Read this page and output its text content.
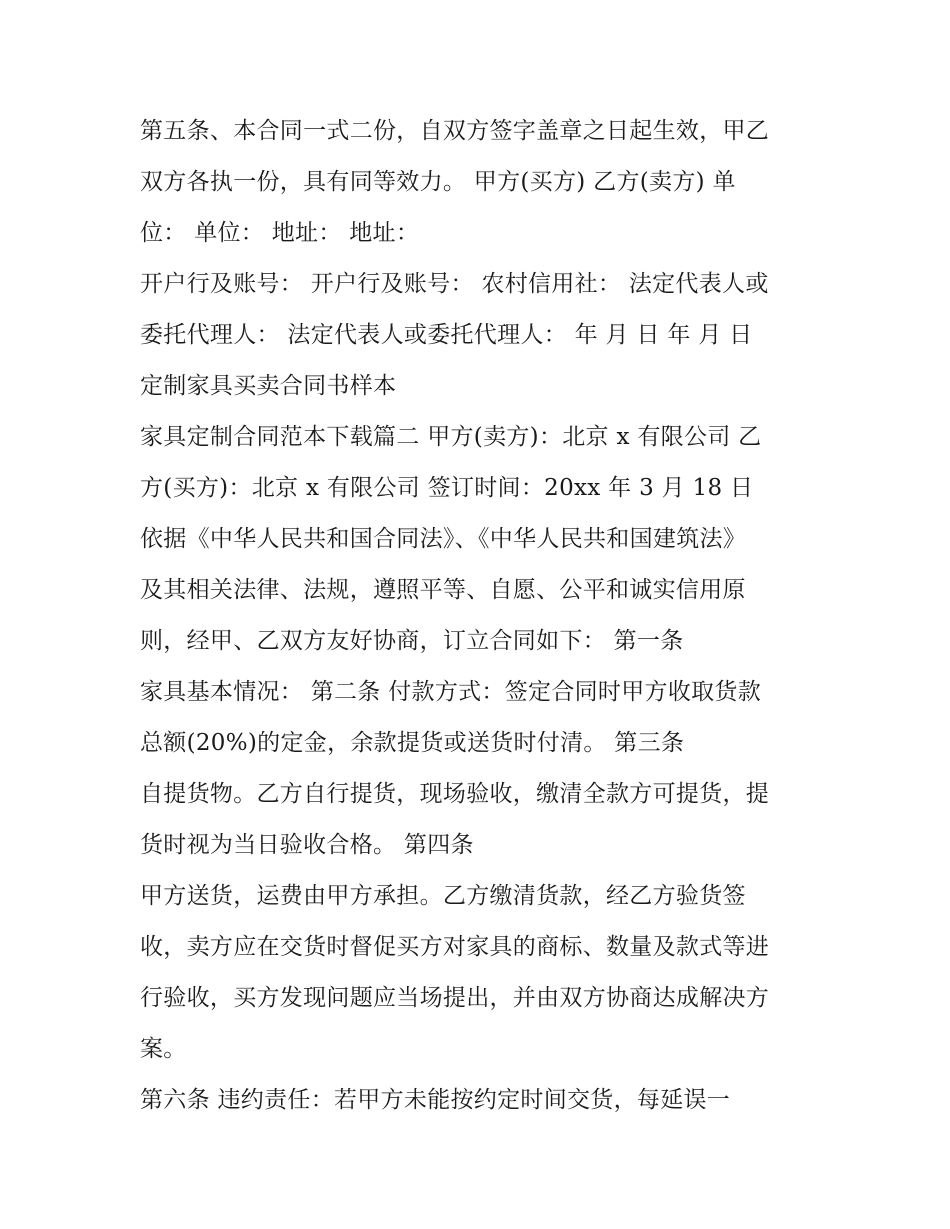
第五条、本合同一式二份，自双方签字盖章之日起生效，甲乙
双方各执一份，具有同等效力。 甲方(买方) 乙方(卖方) 单
位： 单位： 地址： 地址：
开户行及账号： 开户行及账号： 农村信用社： 法定代表人或
委托代理人： 法定代表人或委托代理人： 年 月 日 年 月 日
定制家具买卖合同书样本
家具定制合同范本下载篇二 甲方(卖方)：北京 x 有限公司 乙
方(买方)：北京 x 有限公司 签订时间：20xx 年 3 月 18 日
依据《中华人民共和国合同法》、《中华人民共和国建筑法》
及其相关法律、法规，遵照平等、自愿、公平和诚实信用原
则，经甲、乙双方友好协商，订立合同如下： 第一条
家具基本情况： 第二条 付款方式：签定合同时甲方收取货款
总额(20%)的定金，余款提货或送货时付清。 第三条
自提货物。乙方自行提货，现场验收，缴清全款方可提货，提
货时视为当日验收合格。 第四条
甲方送货，运费由甲方承担。乙方缴清货款，经乙方验货签
收，卖方应在交货时督促买方对家具的商标、数量及款式等进
行验收，买方发现问题应当场提出，并由双方协商达成解决方
案。
第六条 违约责任：若甲方未能按约定时间交货，每延误一
